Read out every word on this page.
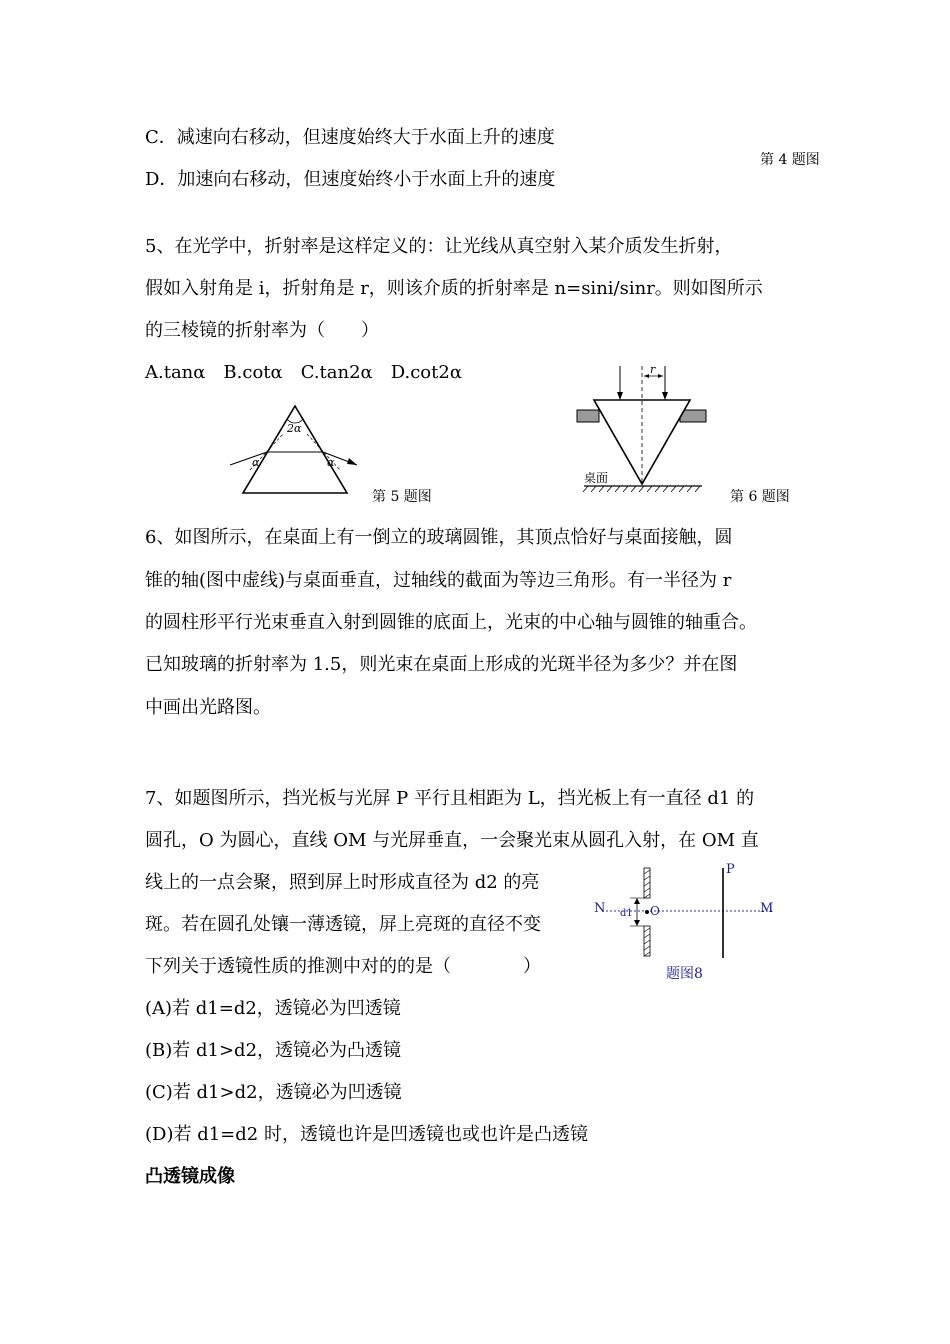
C．减速向右移动，但速度始终大于水面上升的速度
第 4 题图
D．加速向右移动，但速度始终小于水面上升的速度
5、在光学中，折射率是这样定义的：让光线从真空射入某介质发生折射，
假如入射角是 i，折射角是 r，则该介质的折射率是 n=sini/sinr。则如图所示
的三棱镜的折射率为（　　）
A.tanα　B.cotα　C.tan2α　D.cot2α
2α
α	α
第 5 题图
r
桌面
第 6 题图
6、如图所示，在桌面上有一倒立的玻璃圆锥，其顶点恰好与桌面接触，圆
锥的轴(图中虚线)与桌面垂直，过轴线的截面为等边三角形。有一半径为 r
的圆柱形平行光束垂直入射到圆锥的底面上，光束的中心轴与圆锥的轴重合。
已知玻璃的折射率为 1.5，则光束在桌面上形成的光斑半径为多少？并在图
中画出光路图。
7、如题图所示，挡光板与光屏 P 平行且相距为 L，挡光板上有一直径 d1 的
圆孔，O 为圆心，直线 OM 与光屏垂直，一会聚光束从圆孔入射，在 OM 直
线上的一点会聚，照到屏上时形成直径为 d2 的亮
斑。若在圆孔处镶一薄透镜，屏上亮斑的直径不变
下列关于透镜性质的推测中对的的是（　　　　）
P
N	M
O
d1
题图8
(A)若 d1=d2，透镜必为凹透镜
(B)若 d1>d2，透镜必为凸透镜
(C)若 d1>d2，透镜必为凹透镜
(D)若 d1=d2 时，透镜也许是凹透镜也或也许是凸透镜
凸透镜成像
